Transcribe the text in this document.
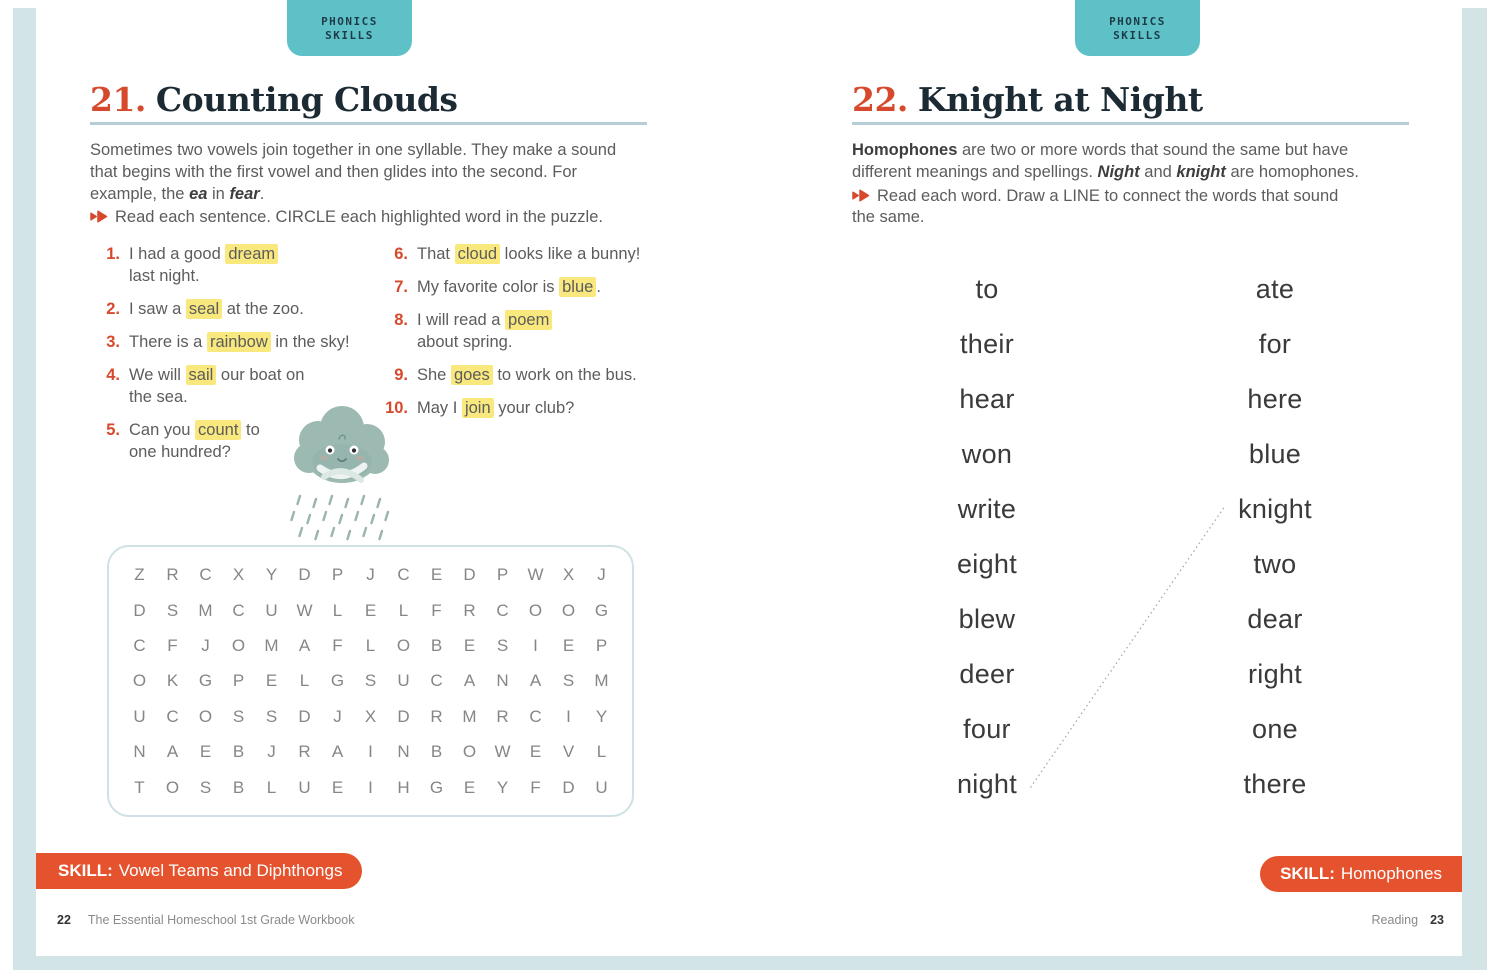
PHONICS
SKILLS
PHONICS
SKILLS
21. Counting Clouds
Sometimes two vowels join together in one syllable. They make a sound
that begins with the first vowel and then glides into the second. For
example, the ea in fear.
Read each sentence. CIRCLE each highlighted word in the puzzle.
1. I had a good dream
last night.
2. I saw a seal at the zoo.
3. There is a rainbow in the sky!
4. We will sail our boat on
the sea.
5. Can you count to
one hundred?
6. That cloud looks like a bunny!
7. My favorite color is blue .
8. I will read a poem
about spring.
9. She goes to work on the bus.
10. May I join your club?
Z R C X Y D P J C E D P W X J
D S M C U W L E L F R C O O G
C F J O M A F L O B E S I E P
O K G P E L G S U C A N A S M
U C O S S D J X D R M R C I Y
N A E B J R A I N B O W E V L
T O S B L U E I H G E Y F D U
SKILL: Vowel Teams and Diphthongs
22 The Essential Homeschool 1st Grade Workbook
22. Knight at Night
Homophones are two or more words that sound the same but have
different meanings and spellings. Night and knight are homophones.
Read each word. Draw a LINE to connect the words that sound
the same.
to	ate
their	for
hear	here
won	blue
write	knight
eight	two
blew	dear
deer	right
four	one
night	there
SKILL: Homophones
Reading 23
